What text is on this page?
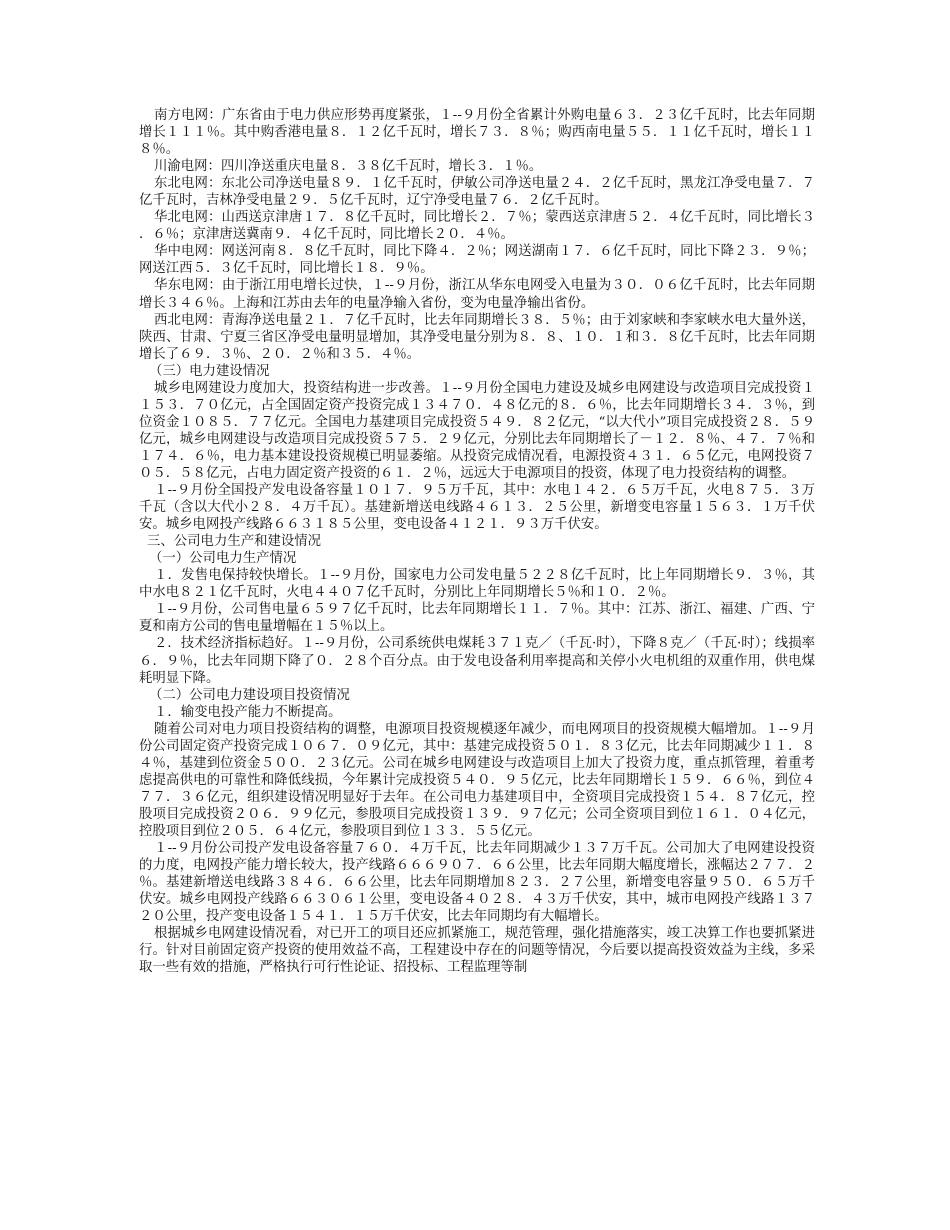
南方电网：广东省由于电力供应形势再度紧张，１--９月份全省累计外购电量６３．２３亿千瓦时，比去年同期增长１１１％。其中购香港电量８．１２亿千瓦时，增长７３．８％；购西南电量５５．１１亿千瓦时，增长１１８％。

川渝电网：四川净送重庆电量８．３８亿千瓦时，增长３．１％。

东北电网：东北公司净送电量８９．１亿千瓦时，伊敏公司净送电量２４．２亿千瓦时，黑龙江净受电量７．７亿千瓦时，吉林净受电量２９．５亿千瓦时，辽宁净受电量７６．２亿千瓦时。

华北电网：山西送京津唐１７．８亿千瓦时，同比增长２．７％；蒙西送京津唐５２．４亿千瓦时，同比增长３．６％；京津唐送冀南９．４亿千瓦时，同比增长２０．４％。

华中电网：网送河南８．８亿千瓦时，同比下降４．２％；网送湖南１７．６亿千瓦时，同比下降２３．９％；网送江西５．３亿千瓦时，同比增长１８．９％。

华东电网：由于浙江用电增长过快，１--９月份，浙江从华东电网受入电量为３０．０６亿千瓦时，比去年同期增长３４６％。上海和江苏由去年的电量净输入省份，变为电量净输出省份。

西北电网：青海净送电量２１．７亿千瓦时，比去年同期增长３８．５％；由于刘家峡和李家峡水电大量外送，陕西、甘肃、宁夏三省区净受电量明显增加，其净受电量分别为８．８、１０．１和３．８亿千瓦时，比去年同期增长了６９．３％、２０．２％和３５．４％。

（三）电力建设情况

城乡电网建设力度加大，投资结构进一步改善。１--９月份全国电力建设及城乡电网建设与改造项目完成投资１１５３．７０亿元，占全国固定资产投资完成１３４７０．４８亿元的８．６％，比去年同期增长３４．３％，到位资金１０８５．７７亿元。全国电力基建项目完成投资５４９．８２亿元，“以大代小”项目完成投资２８．５９亿元，城乡电网建设与改造项目完成投资５７５．２９亿元，分别比去年同期增长了－１２．８％、４７．７％和１７４．６％，电力基本建设投资规模已明显萎缩。从投资完成情况看，电源投资４３１．６５亿元，电网投资７０５．５８亿元，占电力固定资产投资的６１．２％，远远大于电源项目的投资，体现了电力投资结构的调整。

１--９月份全国投产发电设备容量１０１７．９５万千瓦，其中：水电１４２．６５万千瓦，火电８７５．３万千瓦（含以大代小２８．４万千瓦）。基建新增送电线路４６１３．２５公里，新增变电容量１５６３．１万千伏安。城乡电网投产线路６６３１８５公里，变电设备４１２１．９３万千伏安。

三、公司电力生产和建设情况

（一）公司电力生产情况

１．发售电保持较快增长。１--９月份，国家电力公司发电量５２２８亿千瓦时，比上年同期增长９．３％，其中水电８２１亿千瓦时，火电４４０７亿千瓦时，分别比上年同期增长５％和１０．２％。

１--９月份，公司售电量６５９７亿千瓦时，比去年同期增长１１．７％。其中：江苏、浙江、福建、广西、宁夏和南方公司的售电量增幅在１５％以上。

２．技术经济指标趋好。１--９月份，公司系统供电煤耗３７１克／（千瓦·时），下降８克／（千瓦·时）；线损率６．９％，比去年同期下降了０．２８个百分点。由于发电设备利用率提高和关停小火电机组的双重作用，供电煤耗明显下降。

（二）公司电力建设项目投资情况

１．输变电投产能力不断提高。

随着公司对电力项目投资结构的调整，电源项目投资规模逐年减少，而电网项目的投资规模大幅增加。１--９月份公司固定资产投资完成１０６７．０９亿元，其中：基建完成投资５０１．８３亿元，比去年同期减少１１．８４％，基建到位资金５００．２３亿元。公司在城乡电网建设与改造项目上加大了投资力度，重点抓管理，着重考虑提高供电的可靠性和降低线损，今年累计完成投资５４０．９５亿元，比去年同期增长１５９．６６％，到位４７７．３６亿元，组织建设情况明显好于去年。在公司电力基建项目中，全资项目完成投资１５４．８７亿元，控股项目完成投资２０６．９９亿元，参股项目完成投资１３９．９７亿元；公司全资项目到位１６１．０４亿元，控股项目到位２０５．６４亿元，参股项目到位１３３．５５亿元。

１--９月份公司投产发电设备容量７６０．４万千瓦，比去年同期减少１３７万千瓦。公司加大了电网建设投资的力度，电网投产能力增长较大，投产线路６６６９０７．６６公里，比去年同期大幅度增长，涨幅达２７７．２％。基建新增送电线路３８４６．６６公里，比去年同期增加８２３．２７公里，新增变电容量９５０．６５万千伏安。城乡电网投产线路６６３０６１公里，变电设备４０２８．４３万千伏安，其中，城市电网投产线路１３７２０公里，投产变电设备１５４１．１５万千伏安，比去年同期均有大幅增长。

根据城乡电网建设情况看，对已开工的项目还应抓紧施工，规范管理，强化措施落实，竣工决算工作也要抓紧进行。针对目前固定资产投资的使用效益不高，工程建设中存在的问题等情况，今后要以提高投资效益为主线，多采取一些有效的措施，严格执行可行性论证、招投标、工程监理等制
